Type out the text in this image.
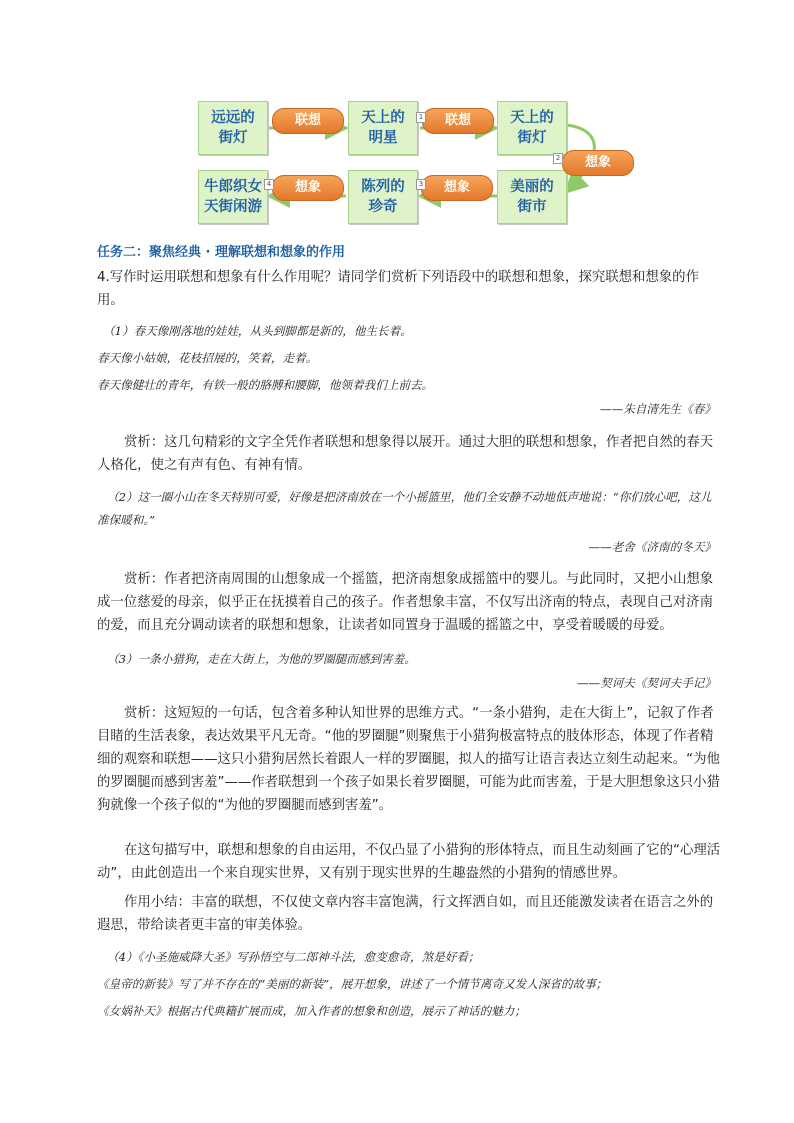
远远的
街灯
天上的
明星
天上的
街灯
美丽的
街市
陈列的
珍奇
牛郎织女
天街闲游
联想	联想
想象
想象
想象
1
2
3
4
任务二：聚焦经典 · 理解联想和想象的作用
4.写作时运用联想和想象有什么作用呢？请同学们赏析下列语段中的联想和想象，探究联想和想象的作用。
（1）春天像刚落地的娃娃，从头到脚都是新的，他生长着。
春天像小姑娘，花枝招展的，笑着，走着。
春天像健壮的青年，有铁一般的胳膊和腰脚，他领着我们上前去。
——朱自清先生《春》
赏析：这几句精彩的文字全凭作者联想和想象得以展开。通过大胆的联想和想象，作者把自然的春天人格化，使之有声有色、有神有情。
（2）这一圈小山在冬天特别可爱，好像是把济南放在一个小摇篮里，他们全安静不动地低声地说：“你们放心吧，这儿准保暖和。”
——老舍《济南的冬天》
赏析：作者把济南周围的山想象成一个摇篮，把济南想象成摇篮中的婴儿。与此同时，又把小山想象成一位慈爱的母亲，似乎正在抚摸着自己的孩子。作者想象丰富，不仅写出济南的特点，表现自己对济南的爱，而且充分调动读者的联想和想象，让读者如同置身于温暖的摇篮之中，享受着暖暖的母爱。
（3）一条小猎狗，走在大街上，为他的罗圈腿而感到害羞。
——契诃夫《契诃夫手记》
赏析：这短短的一句话，包含着多种认知世界的思维方式。“一条小猎狗，走在大街上”，记叙了作者目睹的生活表象，表达效果平凡无奇。“他的罗圈腿”则聚焦于小猎狗极富特点的肢体形态，体现了作者精细的观察和联想——这只小猎狗居然长着跟人一样的罗圈腿，拟人的描写让语言表达立刻生动起来。“为他的罗圈腿而感到害羞”——作者联想到一个孩子如果长着罗圈腿，可能为此而害羞，于是大胆想象这只小猎狗就像一个孩子似的“为他的罗圈腿而感到害羞”。
在这句描写中，联想和想象的自由运用，不仅凸显了小猎狗的形体特点，而且生动刻画了它的“心理活动”，由此创造出一个来自现实世界，又有别于现实世界的生趣盎然的小猎狗的情感世界。
作用小结：丰富的联想，不仅使文章内容丰富饱满，行文挥洒自如，而且还能激发读者在语言之外的遐思，带给读者更丰富的审美体验。
（4）《小圣施威降大圣》写孙悟空与二郎神斗法，愈变愈奇，煞是好看；
《皇帝的新装》写了并不存在的“美丽的新装”，展开想象，讲述了一个情节离奇又发人深省的故事；
《女娲补天》根据古代典籍扩展而成，加入作者的想象和创造，展示了神话的魅力；
